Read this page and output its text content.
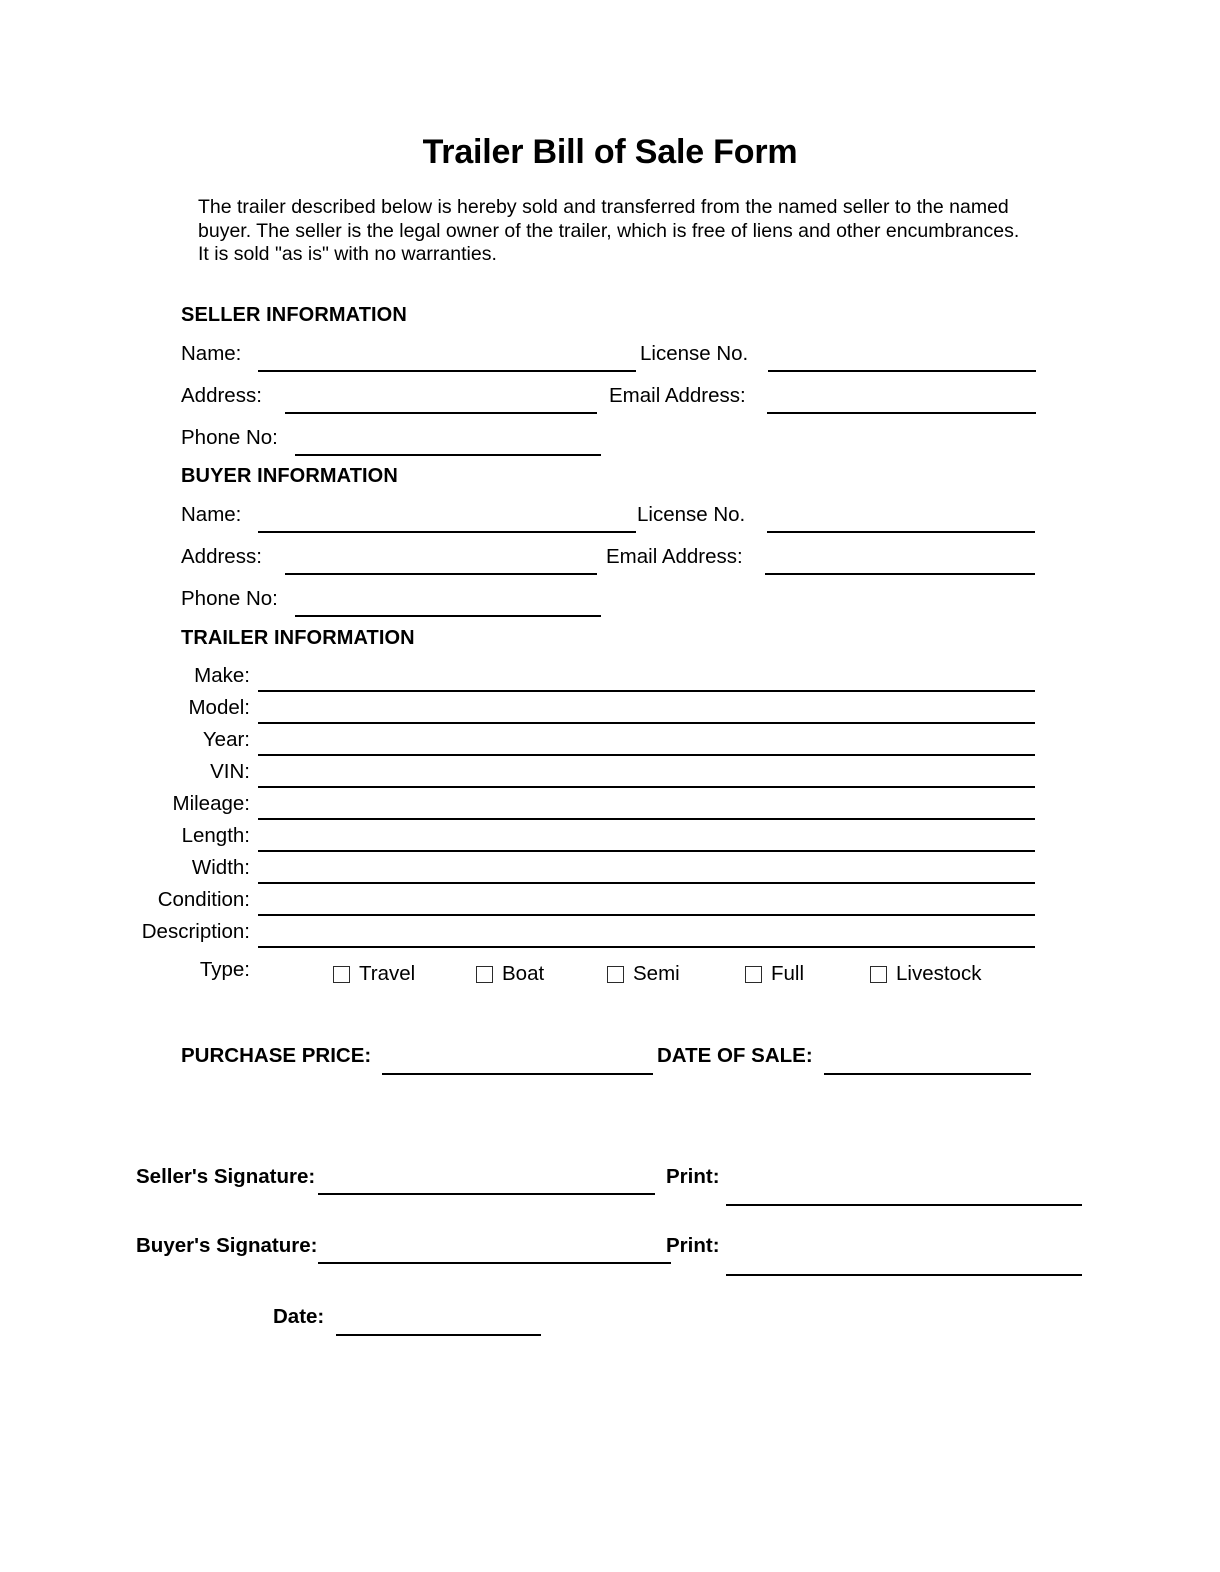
Trailer Bill of Sale Form
The trailer described below is hereby sold and transferred from the named seller to the named buyer. The seller is the legal owner of the trailer, which is free of liens and other encumbrances. It is sold "as is" with no warranties.
SELLER INFORMATION
Name:	License No.
Address:	Email Address:
Phone No:
BUYER INFORMATION
Name:	License No.
Address:	Email Address:
Phone No:
TRAILER INFORMATION
Make:
Model:
Year:
VIN:
Mileage:
Length:
Width:
Condition:
Description:
Type:	Travel	Boat	Semi	Full	Livestock
PURCHASE PRICE:	DATE OF SALE:
Seller's Signature:	Print:
Buyer's Signature:	Print:
Date:
